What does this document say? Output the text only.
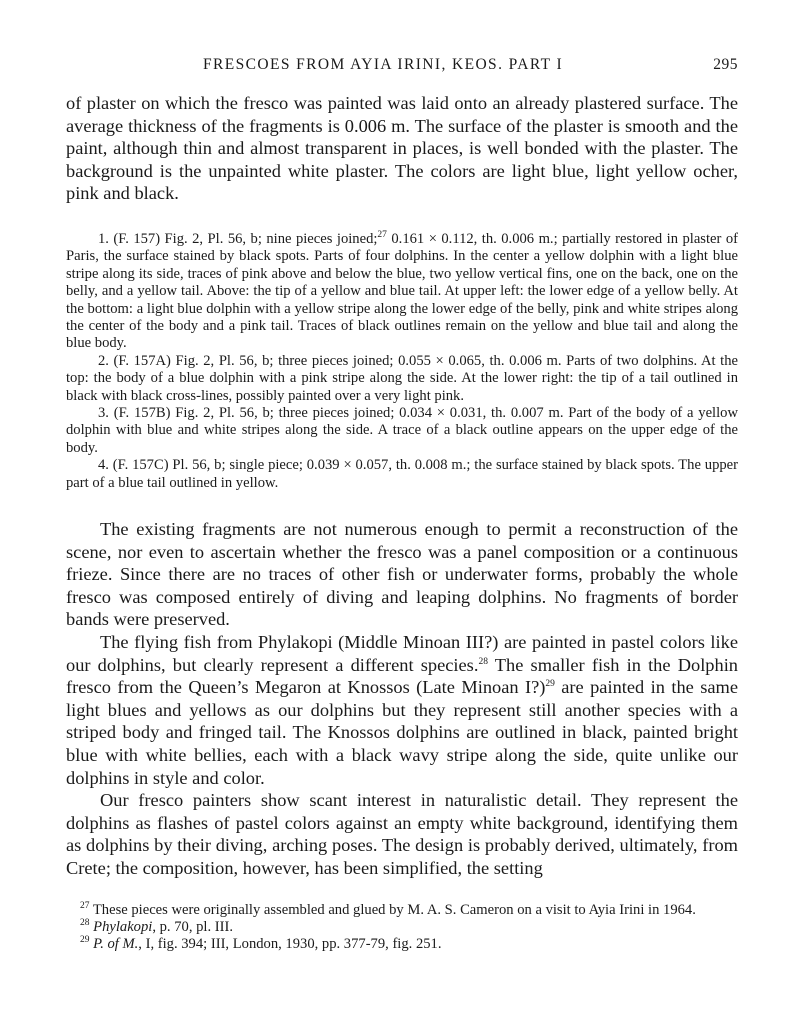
FRESCOES FROM AYIA IRINI, KEOS. PART I	295

of plaster on which the fresco was painted was laid onto an already plastered surface. The average thickness of the fragments is 0.006 m. The surface of the plaster is smooth and the paint, although thin and almost transparent in places, is well bonded with the plaster. The background is the unpainted white plaster. The colors are light blue, light yellow ocher, pink and black.

1. (F. 157) Fig. 2, Pl. 56, b; nine pieces joined;$^{27}$ 0.161 × 0.112, th. 0.006 m.; partially restored in plaster of Paris, the surface stained by black spots. Parts of four dolphins. In the center a yellow dolphin with a light blue stripe along its side, traces of pink above and below the blue, two yellow vertical fins, one on the back, one on the belly, and a yellow tail. Above: the tip of a yellow and blue tail. At upper left: the lower edge of a yellow belly. At the bottom: a light blue dolphin with a yellow stripe along the lower edge of the belly, pink and white stripes along the center of the body and a pink tail. Traces of black outlines remain on the yellow and blue tail and along the blue body.

2. (F. 157A) Fig. 2, Pl. 56, b; three pieces joined; 0.055 × 0.065, th. 0.006 m. Parts of two dolphins. At the top: the body of a blue dolphin with a pink stripe along the side. At the lower right: the tip of a tail outlined in black with black cross-lines, possibly painted over a very light pink.

3. (F. 157B) Fig. 2, Pl. 56, b; three pieces joined; 0.034 × 0.031, th. 0.007 m. Part of the body of a yellow dolphin with blue and white stripes along the side. A trace of a black outline appears on the upper edge of the body.

4. (F. 157C) Pl. 56, b; single piece; 0.039 × 0.057, th. 0.008 m.; the surface stained by black spots. The upper part of a blue tail outlined in yellow.

The existing fragments are not numerous enough to permit a reconstruction of the scene, nor even to ascertain whether the fresco was a panel composition or a continuous frieze. Since there are no traces of other fish or underwater forms, probably the whole fresco was composed entirely of diving and leaping dolphins. No fragments of border bands were preserved.

The flying fish from Phylakopi (Middle Minoan III?) are painted in pastel colors like our dolphins, but clearly represent a different species.$^{28}$ The smaller fish in the Dolphin fresco from the Queen’s Megaron at Knossos (Late Minoan I?)$^{29}$ are painted in the same light blues and yellows as our dolphins but they represent still another species with a striped body and fringed tail. The Knossos dolphins are outlined in black, painted bright blue with white bellies, each with a black wavy stripe along the side, quite unlike our dolphins in style and color.

Our fresco painters show scant interest in naturalistic detail. They represent the dolphins as flashes of pastel colors against an empty white background, identifying them as dolphins by their diving, arching poses. The design is probably derived, ultimately, from Crete; the composition, however, has been simplified, the setting

$^{27}$ These pieces were originally assembled and glued by M. A. S. Cameron on a visit to Ayia Irini in 1964.

$^{28}$ Phylakopi, p. 70, pl. III.

$^{29}$ P. of M., I, fig. 394; III, London, 1930, pp. 377-79, fig. 251.
